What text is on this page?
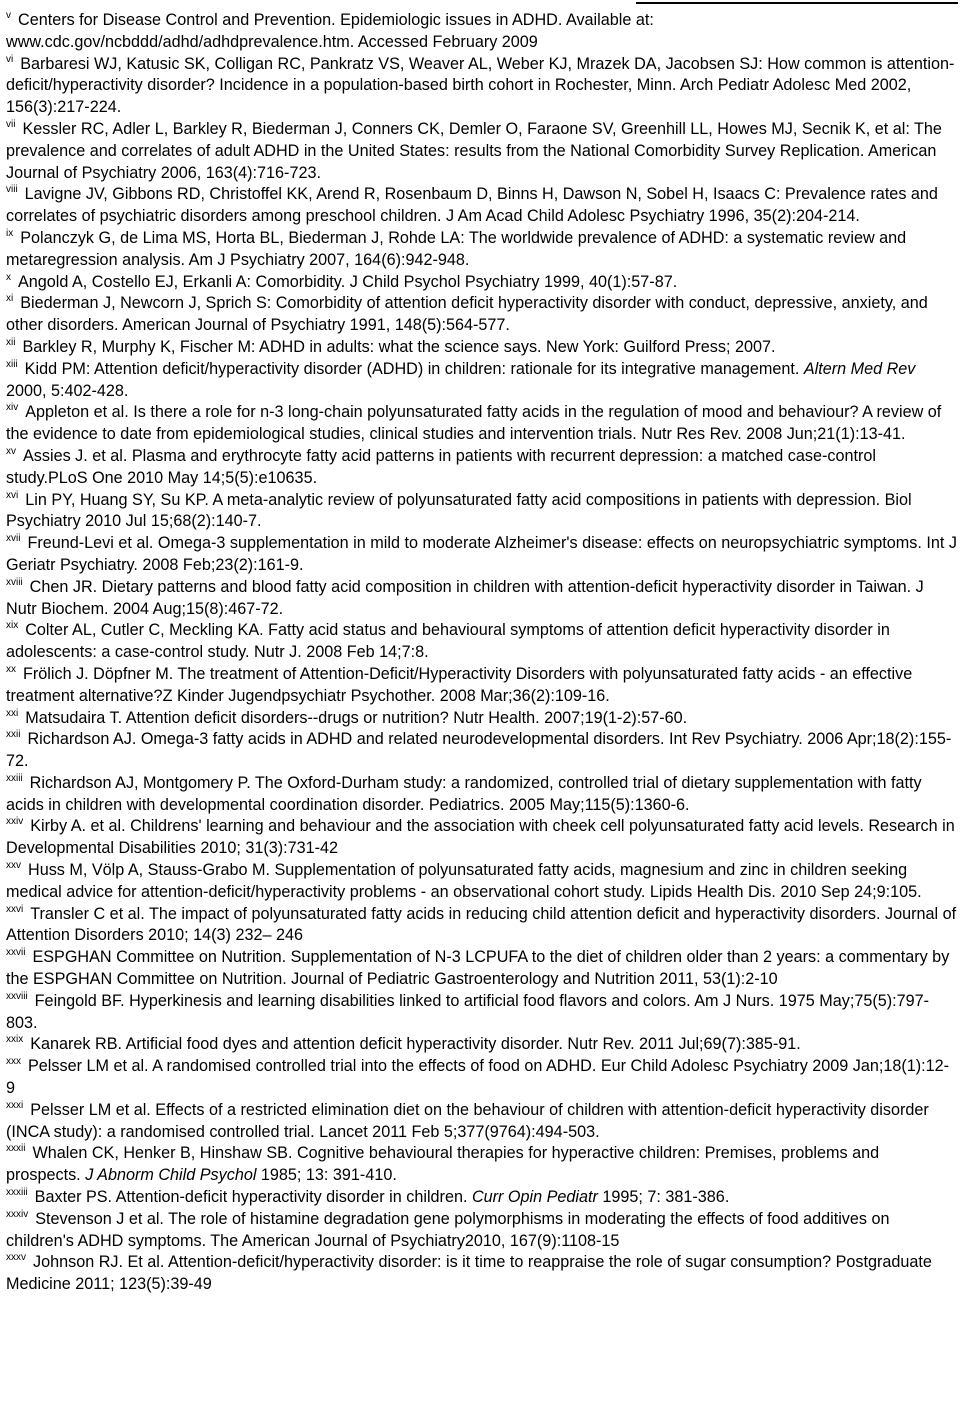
$^v$ Centers for Disease Control and Prevention. Epidemiologic issues in ADHD. Available at: www.cdc.gov/ncbddd/adhd/adhdprevalence.htm. Accessed February 2009

$^{vi}$ Barbaresi WJ, Katusic SK, Colligan RC, Pankratz VS, Weaver AL, Weber KJ, Mrazek DA, Jacobsen SJ: How common is attention-deficit/hyperactivity disorder? Incidence in a population-based birth cohort in Rochester, Minn. Arch Pediatr Adolesc Med 2002, 156(3):217-224.

$^{vii}$ Kessler RC, Adler L, Barkley R, Biederman J, Conners CK, Demler O, Faraone SV, Greenhill LL, Howes MJ, Secnik K, et al: The prevalence and correlates of adult ADHD in the United States: results from the National Comorbidity Survey Replication. American Journal of Psychiatry 2006, 163(4):716-723.

$^{viii}$ Lavigne JV, Gibbons RD, Christoffel KK, Arend R, Rosenbaum D, Binns H, Dawson N, Sobel H, Isaacs C: Prevalence rates and correlates of psychiatric disorders among preschool children. J Am Acad Child Adolesc Psychiatry 1996, 35(2):204-214.

$^{ix}$ Polanczyk G, de Lima MS, Horta BL, Biederman J, Rohde LA: The worldwide prevalence of ADHD: a systematic review and metaregression analysis. Am J Psychiatry 2007, 164(6):942-948.

$^x$ Angold A, Costello EJ, Erkanli A: Comorbidity. J Child Psychol Psychiatry 1999, 40(1):57-87.

$^{xi}$ Biederman J, Newcorn J, Sprich S: Comorbidity of attention deficit hyperactivity disorder with conduct, depressive, anxiety, and other disorders. American Journal of Psychiatry 1991, 148(5):564-577.

$^{xii}$ Barkley R, Murphy K, Fischer M: ADHD in adults: what the science says. New York: Guilford Press; 2007.

$^{xiii}$ Kidd PM: Attention deficit/hyperactivity disorder (ADHD) in children: rationale for its integrative management. Altern Med Rev 2000, 5:402-428.

$^{xiv}$ Appleton et al. Is there a role for n-3 long-chain polyunsaturated fatty acids in the regulation of mood and behaviour? A review of the evidence to date from epidemiological studies, clinical studies and intervention trials. Nutr Res Rev. 2008 Jun;21(1):13-41.

$^{xv}$ Assies J. et al. Plasma and erythrocyte fatty acid patterns in patients with recurrent depression: a matched case-control study.PLoS One 2010 May 14;5(5):e10635.

$^{xvi}$ Lin PY, Huang SY, Su KP. A meta-analytic review of polyunsaturated fatty acid compositions in patients with depression. Biol Psychiatry 2010 Jul 15;68(2):140-7.

$^{xvii}$ Freund-Levi et al. Omega-3 supplementation in mild to moderate Alzheimer's disease: effects on neuropsychiatric symptoms. Int J Geriatr Psychiatry. 2008 Feb;23(2):161-9.

$^{xviii}$ Chen JR. Dietary patterns and blood fatty acid composition in children with attention-deficit hyperactivity disorder in Taiwan. J Nutr Biochem. 2004 Aug;15(8):467-72.

$^{xix}$ Colter AL, Cutler C, Meckling KA. Fatty acid status and behavioural symptoms of attention deficit hyperactivity disorder in adolescents: a case-control study. Nutr J. 2008 Feb 14;7:8.

$^{xx}$ Frölich J. Döpfner M. The treatment of Attention-Deficit/Hyperactivity Disorders with polyunsaturated fatty acids - an effective treatment alternative?Z Kinder Jugendpsychiatr Psychother. 2008 Mar;36(2):109-16.

$^{xxi}$ Matsudaira T. Attention deficit disorders--drugs or nutrition? Nutr Health. 2007;19(1-2):57-60.

$^{xxii}$ Richardson AJ. Omega-3 fatty acids in ADHD and related neurodevelopmental disorders. Int Rev Psychiatry. 2006 Apr;18(2):155-72.

$^{xxiii}$ Richardson AJ, Montgomery P. The Oxford-Durham study: a randomized, controlled trial of dietary supplementation with fatty acids in children with developmental coordination disorder. Pediatrics. 2005 May;115(5):1360-6.

$^{xxiv}$ Kirby A. et al. Childrens' learning and behaviour and the association with cheek cell polyunsaturated fatty acid levels. Research in Developmental Disabilities 2010; 31(3):731-42

$^{xxv}$ Huss M, Völp A, Stauss-Grabo M. Supplementation of polyunsaturated fatty acids, magnesium and zinc in children seeking medical advice for attention-deficit/hyperactivity problems - an observational cohort study. Lipids Health Dis. 2010 Sep 24;9:105.

$^{xxvi}$ Transler C et al. The impact of polyunsaturated fatty acids in reducing child attention deficit and hyperactivity disorders. Journal of Attention Disorders 2010; 14(3) 232– 246

$^{xxvii}$ ESPGHAN Committee on Nutrition. Supplementation of N-3 LCPUFA to the diet of children older than 2 years: a commentary by the ESPGHAN Committee on Nutrition. Journal of Pediatric Gastroenterology and Nutrition 2011, 53(1):2-10

$^{xxviii}$ Feingold BF. Hyperkinesis and learning disabilities linked to artificial food flavors and colors. Am J Nurs. 1975 May;75(5):797-803.

$^{xxix}$ Kanarek RB. Artificial food dyes and attention deficit hyperactivity disorder. Nutr Rev. 2011 Jul;69(7):385-91.

$^{xxx}$ Pelsser LM et al. A randomised controlled trial into the effects of food on ADHD. Eur Child Adolesc Psychiatry 2009 Jan;18(1):12-9

$^{xxxi}$ Pelsser LM et al. Effects of a restricted elimination diet on the behaviour of children with attention-deficit hyperactivity disorder (INCA study): a randomised controlled trial. Lancet 2011 Feb 5;377(9764):494-503.

$^{xxxii}$ Whalen CK, Henker B, Hinshaw SB. Cognitive behavioural therapies for hyperactive children: Premises, problems and prospects. J Abnorm Child Psychol 1985; 13: 391-410.

$^{xxxiii}$ Baxter PS. Attention-deficit hyperactivity disorder in children. Curr Opin Pediatr 1995; 7: 381-386.

$^{xxxiv}$ Stevenson J et al. The role of histamine degradation gene polymorphisms in moderating the effects of food additives on children's ADHD symptoms. The American Journal of Psychiatry2010, 167(9):1108-15

$^{xxxv}$ Johnson RJ. Et al. Attention-deficit/hyperactivity disorder: is it time to reappraise the role of sugar consumption? Postgraduate Medicine 2011; 123(5):39-49
